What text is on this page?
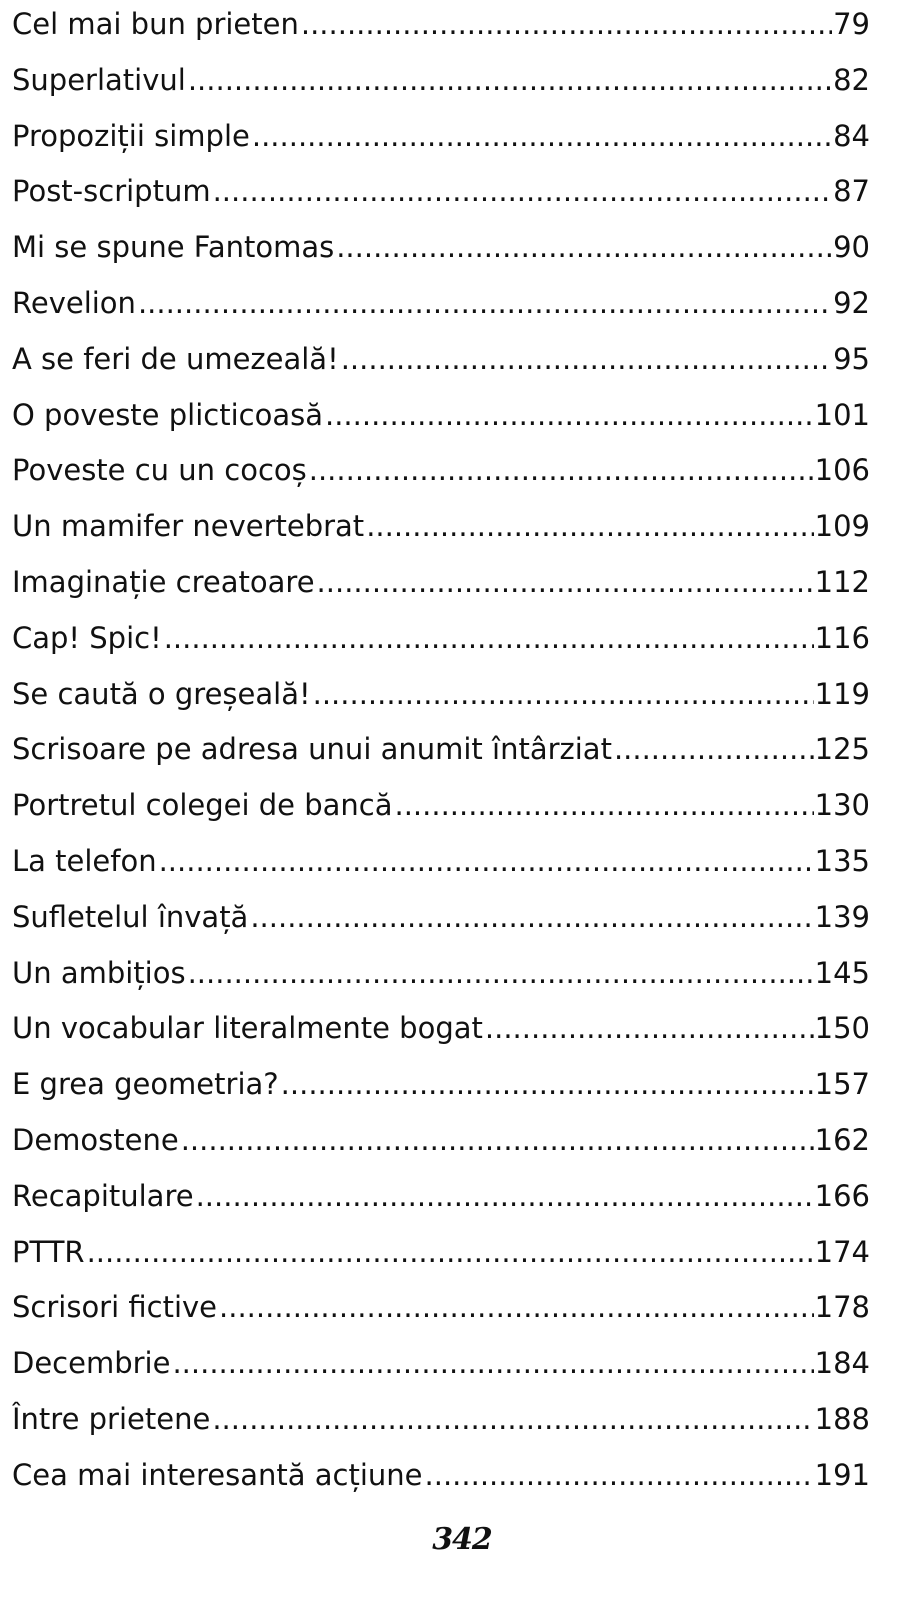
Cel mai bun prieten .....	79
Superlativul .....	82
Propoziții simple .....	84
Post-scriptum .....	87
Mi se spune Fantomas .....	90
Revelion .....	92
A se feri de umezeală! .....	95
O poveste plicticoasă .....	101
Poveste cu un cocoș .....	106
Un mamifer nevertebrat .....	109
Imaginație creatoare .....	112
Cap! Spic! .....	116
Se caută o greșeală! .....	119
Scrisoare pe adresa unui anumit întârziat .....	125
Portretul colegei de bancă .....	130
La telefon .....	135
Sufletelul învață .....	139
Un ambițios .....	145
Un vocabular literalmente bogat .....	150
E grea geometria? .....	157
Demostene .....	162
Recapitulare .....	166
PTTR .....	174
Scrisori fictive .....	178
Decembrie .....	184
Între prietene .....	188
Cea mai interesantă acțiune .....	191
342
